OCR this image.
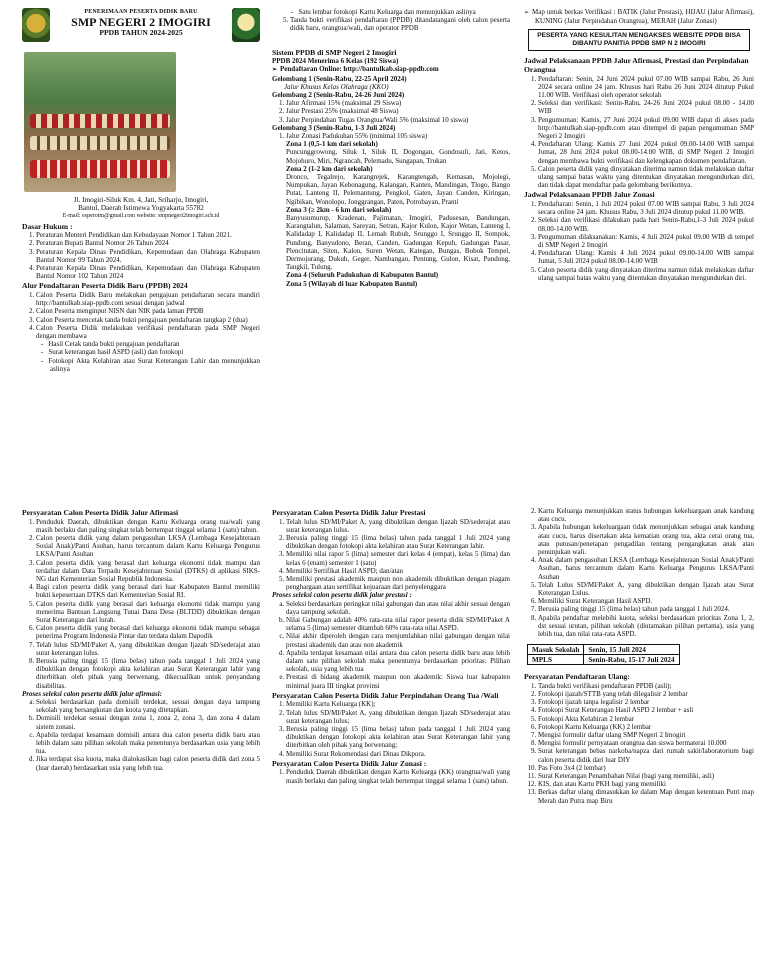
PENERIMAAN PESERTA DIDIK BARU
SMP NEGERI 2 IMOGIRI
PPDB TAHUN 2024-2025
Jl. Imogiri-Siluk Km. 4, Jati, Sriharjo, Imogiri,
Bantul, Daerah Istimewa Yogyakarta 55782
E-mail: esperoim@gmail.com website: smpnegeri2imogiri.sch.id
Dasar Hukum :
1. Peraturan Menteri Pendidikan dan Kebudayaan Nomor 1 Tahun 2021.
2. Peraturan Bupati Bantul Nomor 26 Tahun 2024
3. Peraturan Kepala Dinas Pendidikan, Kepemudaan dan Olahraga Kabupaten Bantul Nomor 99 Tahun 2024.
4. Peraturan Kepala Dinas Pendidikan, Kepemudaan dan Olahraga Kabupaten Bantul Nomor 102 Tahun 2024
Alur Pendaftaran Peserta Didik Baru (PPDB) 2024
1. Calon Peserta Didik Baru melakukan pengajuan pendaftaran secara mandiri http://bantulkab.siap-ppdb.com sesuai dengan jadwal
2. Calon Peserta menginput NISN dan NIK pada laman PPDB
3. Calon Peserta mencetak tanda bukti pengajuan pendaftaran rangkap 2 (dua)
4. Calon Peserta Didik melakukan verifikasi pendaftaran pada SMP Negeri dengan membawa
- Hasil Cetak tanda bukti pengajuan pendaftaran
- Surat keterangan hasil ASPD (asli) dan fotokopi
- Fotokopi Akta Kelahiran atau Surat Keterangan Lahir dan menunjukkan aslinya
- Satu lembar fotokopi Kartu Keluarga dan menunjukkan aslinya
5. Tanda bukti verifikasi pendaftaran (PPDB) ditandatangani oleh calon peserta didik baru, orangtua/wali, dan operator PPDB
Sistem PPDB di SMP Negeri 2 Imogiri
PPDB 2024 Menerima 6 Kelas (192 Siswa)
➢ Pendaftaran Online: http://bantulkab.siap-ppdb.com
Gelombang 1 (Senin-Rabu, 22-25 April 2024)
Jalur Khusus Kelas Olahraga (KKO)
Gelombang 2 (Senin-Rabu, 24-26 Juni 2024)
1. Jalur Afirmasi 15% (maksimal 29 Siswa)
2. Jalur Prestasi 25% (maksimal 48 Siswa)
3. Jalur Perpindahan Tugas Orangtua/Wali 5% (maksimal 10 siswa)
Gelombang 3 (Senin-Rabu, 1-3 Juli 2024)
1. Jalur Zonasi Padukuhan 55% (minimal 105 siswa)
Zona 1 (0,5-1 km dari sekolah)
Puncunggrowong, Siluk I, Siluk II, Dogongan, Gondosuli, Jati, Ketos, Mojohuro, Miri, Ngrancah, Pelemadu, Sungapan, Trukan
Zona 2 (1-2 km dari sekolah)
Dronco, Tegalrejo, Karangrejek, Karangtengah, Kemasan, Mojolegi, Numpukan, Jayan Kebonagung, Kalangan, Kanten, Mandingan, Tlogo, Bango Putat, Lanteng II, Pelemantung, Pengkol, Gaten, Jayan Canden, Kiringan, Ngibikan, Wonolopo, Jonggrangan, Paten, Potrobayan, Pranti
Zona 3 (≥ 2km - 6 km dari sekolah)
Banyusumurup, Kradenan, Pajimatan, Imogiri, Padusesan, Bandungan, Karangtalun, Salaman, Sareyan, Setran, Kajor Kulon, Kajor Wetan, Lanteng I, Kalidadap I, Kalidadap II, Lemah Rubuh, Srunggo I, Srunggo II, Sompok, Pundung, Banyudono, Beran, Canden, Gadungan Kepuh, Gadungan Pasar, Plencitutan, Siten, Kalon, Suren Wetan, Kategan, Bungas, Bobok Tempel, Dermojurang, Dukuh, Geger, Nambangan, Pentung, Gulon, Kisat, Pundong, Tangkil, Tulung.
Zona 4 (Seluruh Padukuhan di Kabupaten Bantul)
Zona 5 (Wilayah di luar Kabupaten Bantul)
➢ Map untuk berkas Verifikasi : BATIK (Jalur Prestasi), HIJAU (Jalur Afirmasi), KUNING (Jalur Perpindahan Orangtua), MERAH (Jalur Zonasi)
PESERTA YANG KESULITAN MENGAKSES WEBSITE PPDB BISA DIBANTU PANITIA PPDB SMP N 2 IMOGIRI
Jadwal Pelaksanaan PPDB Jalur Afirmasi, Prestasi dan Perpindahan Orangtua
1. Pendaftaran: Senin, 24 Juni 2024 pukul 07.00 WIB sampai Rabu, 26 Juni 2024 secara online 24 jam. Khusus hari Rabu 26 Juni 2024 ditutup Pukul 11.00 WIB. Verifikasi oleh operator sekolah
2. Seleksi dan verifikasi: Senin-Rabu, 24-26 Juni 2024 pukul 08.00 - 14.00 WIB
3. Pengumuman: Kamis, 27 Juni 2024 pukul 09.00 WIB dapat di akses pada http://bantulkab.siap-ppdb.com atau ditempel di papan pengumuman SMP Negeri 2 Imogiri
4. Pendaftaran Ulang: Kamis 27 Juni 2024 pukul 09.00-14.00 WIB sampai Jumat, 28 Juni 2024 pukul 08.00-14.00 WIB, di SMP Negeri 2 Imogiri dengan membawa bukti verifikasi dan kelengkapan dokumen pendaftaran.
5. Calon peserta didik yang dinyatakan diterima namun tidak melakukan daftar ulang sampai batas waktu yang ditentukan dinyatakan mengundurkan diri, dan tidak dapat mendaftar pada gelombang berikutnya.
Jadwal Pelaksanaan PPDB Jalur Zonasi
1. Pendaftaran: Senin, 1 Juli 2024 pukul 07.00 WIB sampai Rabu, 3 Juli 2024 secara online 24 jam. Khusus Rabu, 3 Juli 2024 ditutup pukul 11.00 WIB.
2. Seleksi dan verifikasi dilakukan pada hari Senin-Rabu,1-3 Juli 2024 pukul 08.00-14.00 WIB.
3. Pengumuman dilaksanakan: Kamis, 4 Juli 2024 pukul 09.00 WIB di tempel di SMP Negeri 2 Imogiri
4. Pendaftaran Ulang: Kamis 4 Juli 2024 pukul 09.00-14.00 WIB sampai Jumat, 5 Juli 2024 pukul 08.00-14.00 WIB
5. Calon peserta didik yang dinyatakan diterima namun tidak melakukan daftar ulang sampai batas waktu yang ditentukan dinyatakan mengundurkan diri.
Persyaratan Calon Peserta Didik Jalur Afirmasi
1. Penduduk Daerah, dibuktikan dengan Kartu Keluarga orang tua/wali yang masih berlaku dan paling singkat telah bertempat tinggal selama 1 (satu) tahun.
2. Calon peserta didik yang dalam pengasuhan LKSA (Lembaga Kesejahteraan Sosial Anak)/Panti Asuhan, harus tercantum dalam Kartu Keluarga Pengurus LKSA/Panti Asuhan
3. Calon peserta didik yang berasal dari keluarga ekonomi tidak mampu dan terdaftar dalam Data Terpadu Kesejahteraan Sosial (DTKS) di aplikasi SIKS-NG dari Kementerian Sosial Republik Indonesia.
4. Bagi calon peserta didik yang berasal dari luar Kabupaten Bantul memiliki bukti kepesertaan DTKS dari Kementerian Sosial RI.
5. Calon peserta didik yang berasal dari keluarga ekonomi tidak mampu yang menerima Bantuan Langsung Tunai Dana Desa (BLTDD) dibuktikan dengan Surat Keterangan dari lurah.
6. Calon peserta didik yang berasal dari keluarga ekonomi tidak mampu sebagai penerima Program Indonesia Pintar dan terdata dalam Dapodik
7. Telah lulus SD/MI/Paket A, yang dibuktikan dengan Ijazah SD/sederajat atau surat keterangan lulus.
8. Berusia paling tinggi 15 (lima belas) tahun pada tanggal 1 Juli 2024 yang dibuktikan dengan fotokopi akta kelahiran atau Surat Keterangan lahir yang diterbitkan oleh pihak yang berwenang, dikecualikan untuk penyandang disabilitas.
Proses seleksi calon peserta didik jalur afirmasi:
a. Seleksi berdasarkan pada domisili terdekat, sesuai dengan daya tampung sekolah yang bersangkutan dan kuota yang ditetapkan.
b. Domisili terdekat sesuai dengan zona 1, zona 2, zona 3, dan zona 4 dalam sistem zonasi.
c. Apabila terdapat kesamaan domisili antara dua calon peserta didik baru atau lebih dalam satu pilihan sekolah maka penentunya berdasarkan usia yang lebih tua.
d. Jika terdapat sisa kuota, maka dialokasikan bagi calon peserta didik dari zona 5 (luar daerah) berdasarkan usia yang lebih tua.
Persyaratan Calon Peserta Didik Jalur Prestasi
1. Telah lulus SD/MI/Paket A, yang dibuktikan dengan Ijazah SD/sederajat atau surat keterangan lulus.
2. Berusia paling tinggi 15 (lima belas) tahun pada tanggal 1 Juli 2024 yang dibuktikan dengan fotokopi akta kelahiran atau Surat Keterangan lahir.
3. Memiliki nilai rapor 5 (lima) semester dari kelas 4 (empat), kelas 5 (lima) dan kelas 6 (enam) semester 1 (satu)
4. Memiliki Sertifikat Hasil ASPD; dan/atau
5. Memiliki prestasi akademik maupun non akademik dibuktikan dengan piagam penghargaan atau sertifikat kejuaraan dari penyelenggara
Proses seleksi calon peserta didik jalur prestasi :
a. Seleksi berdasarkan peringkat nilai gabungan dan atau nilai akhir sesuai dengan daya tampung sekolah.
b. Nilai Gabungan adalah 40% rata-rata nilai rapor peserta didik SD/MI/Paket A selama 5 (lima) semester ditambah 60% rata-rata nilai ASPD.
c. Nilai akhir diperoleh dengan cara menjumlahkan nilai gabungan dengan nilai prestasi akademik dan atau non akademik
d. Apabila terdapat kesamaan nilai antara dua calon peserta didik baru atau lebih dalam satu pilihan sekolah maka penentunya berdasarkan prioritas: Pilihan sekolah, usia yang lebih tua
e. Prestasi di bidang akademik maupun non akademik: Siswa luar kabupaten minimal juara III tingkat provinsi
Persyaratan Calon Peserta Didik Jalur Perpindahan Orang Tua /Wali
1. Memiliki Kartu Keluarga (KK);
2. Telah lulus SD/MI/Paket A, yang dibuktikan dengan Ijazah SD/sederajat atau surat keterangan lulus;
3. Berusia paling tinggi 15 (lima belas) tahun pada tanggal 1 Juli 2024 yang dibuktikan dengan fotokopi akta kelahiran atau Surat Keterangan lahir yang diterbitkan oleh pihak yang berwenang;
4. Memiliki Surat Rekomendasi dari Dinas Dikpora.
Persyaratan Calon Peserta Didik Jalur Zonasi :
1. Penduduk Daerah dibuktikan dengan Kartu Keluarga (KK) orangtua/wali yang masih berlaku dan paling singkat telah bertempat tinggal selama 1 (satu) tahun.
2. Kartu Keluarga menunjukkan status hubungan kekeluargaan anak kandung atau cucu.
3. Apabila hubungan kekeluargaan tidak menunjukkan sebagai anak kandung atau cucu, harus disertakan akta kematian orang tua, akta cerai orang tua, atau putusan/penetapan pengadilan tentang pengangkatan anak atau penunjukan wali.
4. Anak dalam pengasuhan LKSA (Lembaga Kesejahteraan Sosial Anak)/Panti Asuhan, harus tercantum dalam Kartu Keluarga Pengurus LKSA/Panti Asuhan
5. Telah Lulus SD/MI/Paket A, yang dibuktikan dengan Ijazah atau Surat Keterangan Lulus.
6. Memiliki Surat Keterangan Hasil ASPD.
7. Berusia paling tinggi 15 (lima belas) tahun pada tanggal 1 Juli 2024.
8. Apabila pendaftar melebihi kuota, seleksi berdasarkan prioritas Zona 1, 2, dst sesuai urutan, pilihan sekolah (diutamakan pilihan pertama), usia yang lebih tua, dan nilai rata-rata ASPD.
Masuk Sekolah	Senin, 15 Juli 2024
MPLS	Senin-Rabu, 15-17 Juli 2024
Persyaratan Pendaftaran Ulang:
1. Tanda bukti verifikasi pendaftaran PPDB (asli);
2. Fotokopi ijazah/STTB yang telah dilegalisir 2 lembar
3. Fotokopi ijazah tanpa legalisir 2 lembar
4. Fotokopi Surat Keterangan Hasil ASPD 2 lembar + asli
5. Fotokopi Akta Kelahiran 2 lembar
6. Fotokopi Kartu Keluarga (KK) 2 lembar
7. Mengisi formulir daftar ulang SMP Negeri 2 Imogiri
8. Mengisi formulir pernyataan orangtua dan siswa bermaterai 10.000
9. Surat keterangan bebas narkoba/napza dari rumah sakit/laboratorium bagi calon peserta didik dari luar DIY
10. Pas Foto 3x4 (2 lembar)
11. Surat Keterangan Penambahan Nilai (bagi yang memiliki, asli)
12. KIS, dan atau Kartu PKH bagi yang memiliki
13. Berkas daftar ulang dimasukkan ke dalam Map dengan ketentuan Putri map Merah dan Putra map Biru
